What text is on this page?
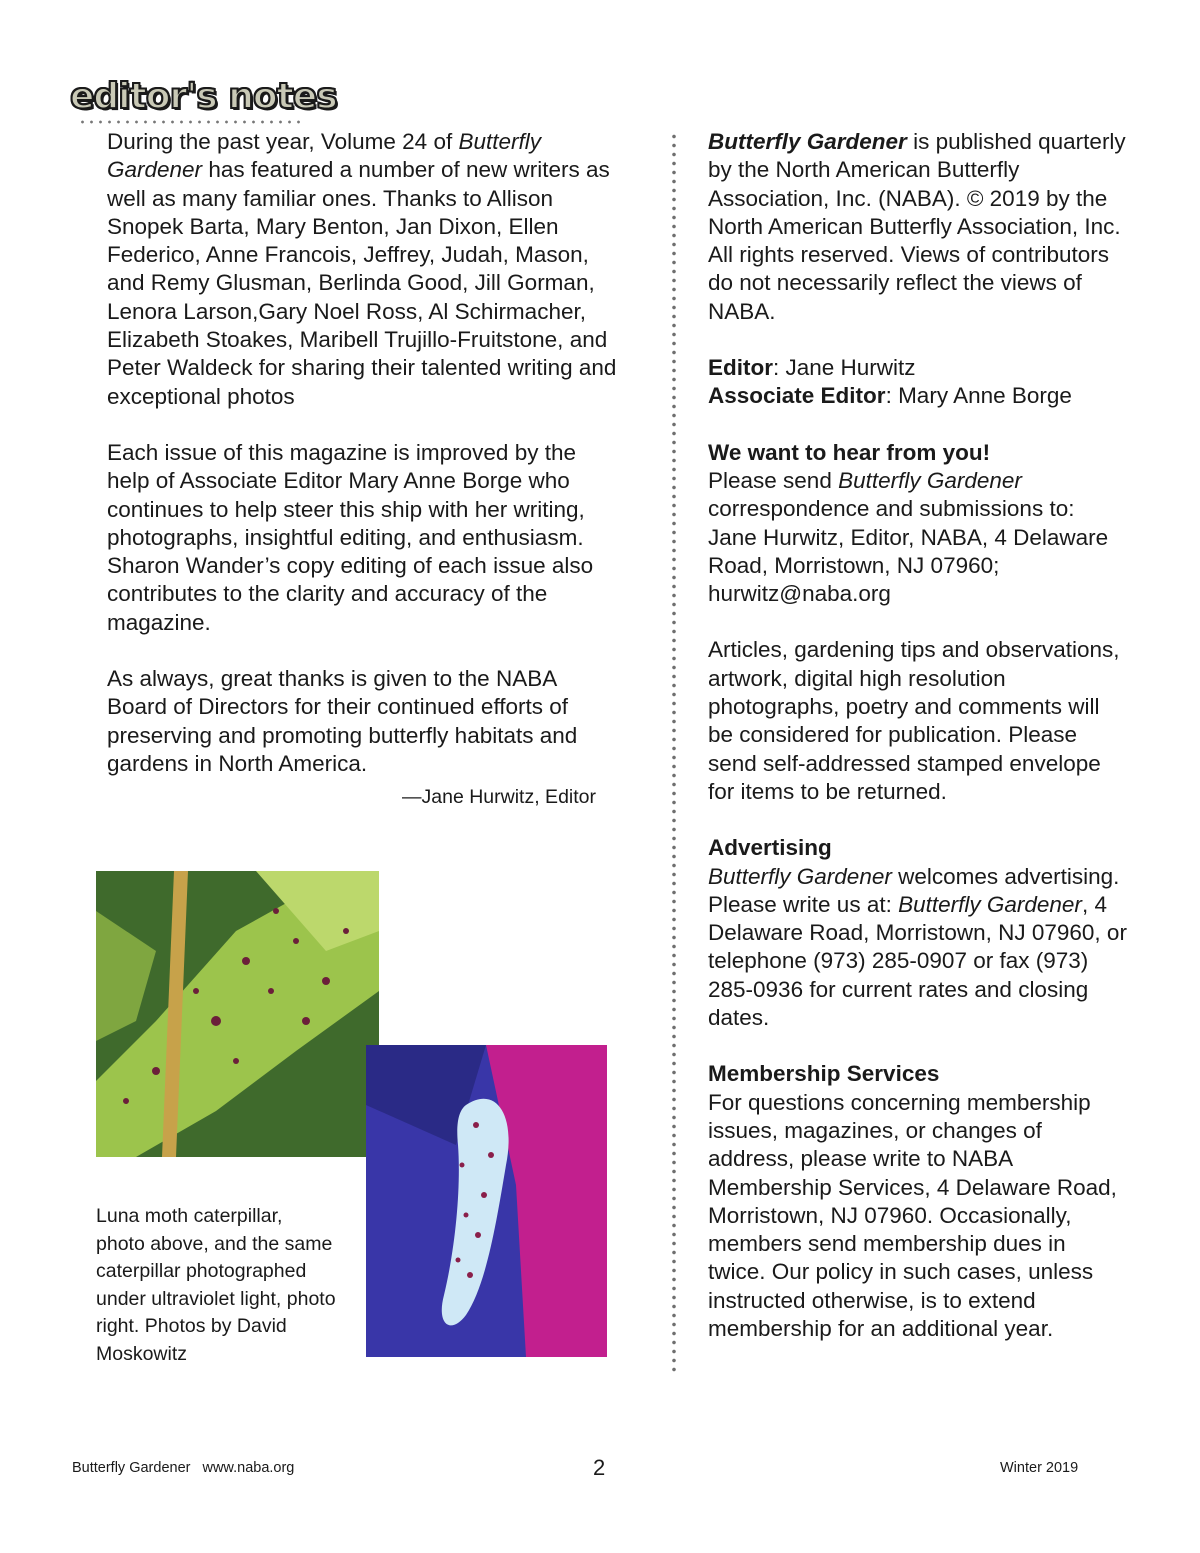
editor's notes

During the past year, Volume 24 of Butterfly Gardener has featured a number of new writers as well as many familiar ones. Thanks to Allison Snopek Barta, Mary Benton, Jan Dixon, Ellen Federico, Anne Francois, Jeffrey, Judah, Mason, and Remy Glusman, Berlinda Good, Jill Gorman, Lenora Larson,Gary Noel Ross, Al Schirmacher, Elizabeth Stoakes, Maribell Trujillo-Fruitstone, and Peter Waldeck for sharing their talented writing and exceptional photos

Each issue of this magazine is improved by the help of Associate Editor Mary Anne Borge who continues to help steer this ship with her writing, photographs, insightful editing, and enthusiasm. Sharon Wander’s copy editing of each issue also contributes to the clarity and accuracy of the magazine.

As always, great thanks is given to the NABA Board of Directors for their continued efforts of preserving and promoting butterfly habitats and gardens in North America.

—Jane Hurwitz, Editor

Luna moth caterpillar, photo above, and the same caterpillar photographed under ultraviolet light, photo right. Photos by David Moskowitz

Butterfly Gardener is published quarterly by the North American Butterfly Association, Inc. (NABA). © 2019 by the North American Butterfly Association, Inc. All rights reserved. Views of contributors do not necessarily reflect the views of NABA.

Editor: Jane Hurwitz
Associate Editor: Mary Anne Borge

We want to hear from you!
Please send Butterfly Gardener correspondence and submissions to: Jane Hurwitz, Editor, NABA, 4 Delaware Road, Morristown, NJ 07960; hurwitz@naba.org

Articles, gardening tips and observations, artwork, digital high resolution photographs, poetry and comments will be considered for publication. Please send self-addressed stamped envelope for items to be returned.

Advertising
Butterfly Gardener welcomes advertising. Please write us at: Butterfly Gardener, 4 Delaware Road, Morristown, NJ 07960, or telephone (973) 285-0907 or fax (973) 285-0936 for current rates and closing dates.

Membership Services
For questions concerning membership issues, magazines, or changes of address, please write to NABA Membership Services, 4 Delaware Road, Morristown, NJ 07960. Occasionally, members send membership dues in twice. Our policy in such cases, unless instructed otherwise, is to extend membership for an additional year.

Butterfly Gardener www.naba.org	2	Winter 2019
